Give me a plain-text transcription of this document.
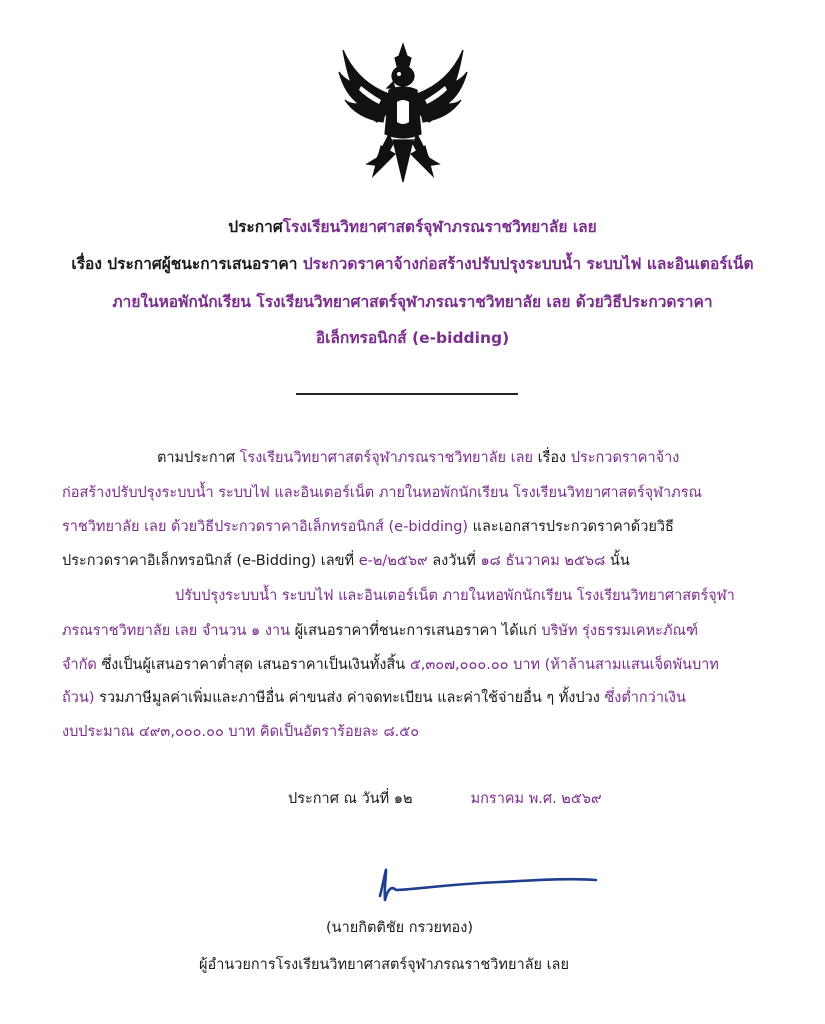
ประกาศโรงเรียนวิทยาศาสตร์จุฬาภรณราชวิทยาลัย เลย
เรื่อง ประกาศผู้ชนะการเสนอราคา ประกวดราคาจ้างก่อสร้างปรับปรุงระบบน้ำ ระบบไฟ และอินเตอร์เน็ต
ภายในหอพักนักเรียน โรงเรียนวิทยาศาสตร์จุฬาภรณราชวิทยาลัย เลย ด้วยวิธีประกวดราคา
อิเล็กทรอนิกส์ (e-bidding)
ตามประกาศ โรงเรียนวิทยาศาสตร์จุฬาภรณราชวิทยาลัย เลย เรื่อง ประกวดราคาจ้าง
ก่อสร้างปรับปรุงระบบน้ำ ระบบไฟ และอินเตอร์เน็ต ภายในหอพักนักเรียน โรงเรียนวิทยาศาสตร์จุฬาภรณ
ราชวิทยาลัย เลย ด้วยวิธีประกวดราคาอิเล็กทรอนิกส์ (e-bidding) และเอกสารประกวดราคาด้วยวิธี
ประกวดราคาอิเล็กทรอนิกส์ (e-Bidding) เลขที่ e-๒/๒๕๖๙ ลงวันที่ ๑๘ ธันวาคม ๒๕๖๘ นั้น
ปรับปรุงระบบน้ำ ระบบไฟ และอินเตอร์เน็ต ภายในหอพักนักเรียน โรงเรียนวิทยาศาสตร์จุฬา
ภรณราชวิทยาลัย เลย จำนวน ๑ งาน ผู้เสนอราคาที่ชนะการเสนอราคา ได้แก่ บริษัท รุ่งธรรมเคหะภัณฑ์
จำกัด ซึ่งเป็นผู้เสนอราคาต่ำสุด เสนอราคาเป็นเงินทั้งสิ้น ๕,๓๐๗,๐๐๐.๐๐ บาท (ห้าล้านสามแสนเจ็ดพันบาท
ถ้วน) รวมภาษีมูลค่าเพิ่มและภาษีอื่น ค่าขนส่ง ค่าจดทะเบียน และค่าใช้จ่ายอื่น ๆ ทั้งปวง ซึ่งต่ำกว่าเงิน
งบประมาณ ๔๙๓,๐๐๐.๐๐ บาท คิดเป็นอัตราร้อยละ ๘.๕๐
ประกาศ ณ วันที่ ๑๒	มกราคม พ.ศ. ๒๕๖๙
(นายกิตติชัย กรวยทอง)
ผู้อำนวยการโรงเรียนวิทยาศาสตร์จุฬาภรณราชวิทยาลัย เลย
